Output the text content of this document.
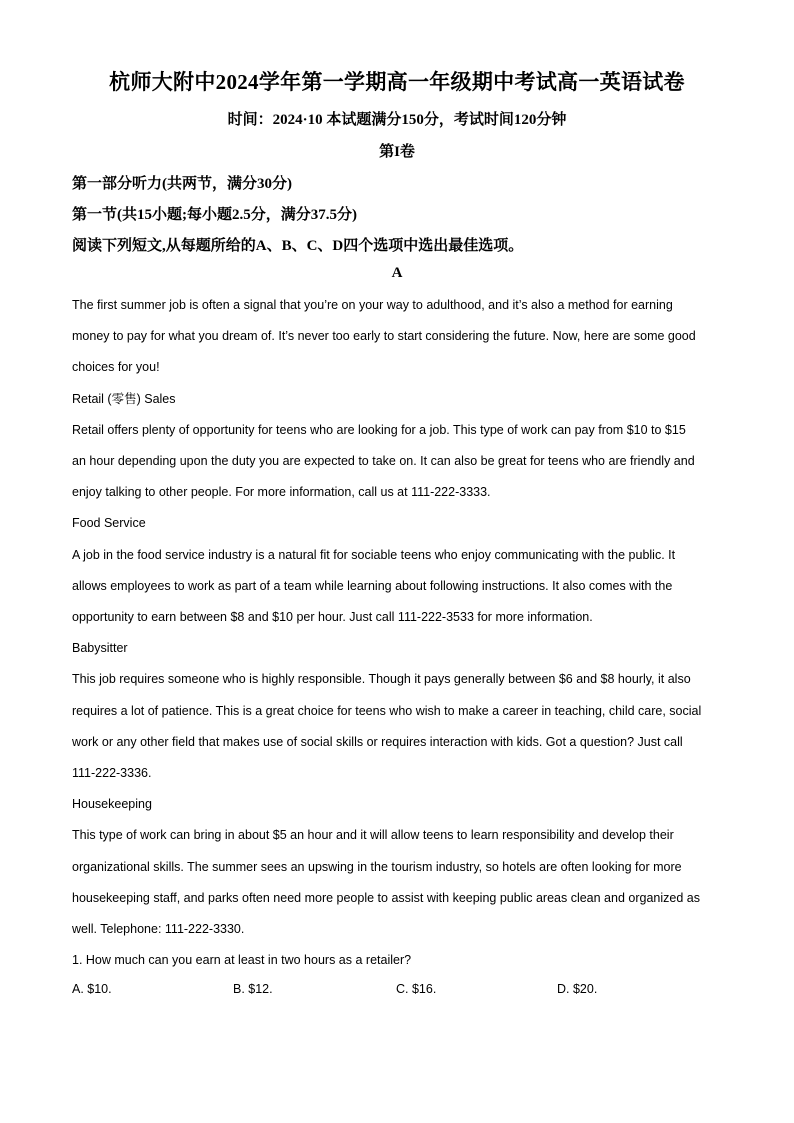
杭师大附中2024学年第一学期高一年级期中考试高一英语试卷
时间：2024·10 本试题满分150分，考试时间120分钟
第I卷
第一部分听力(共两节，满分30分)
第一节(共15小题;每小题2.5分，满分37.5分)
阅读下列短文,从每题所给的A、B、C、D四个选项中选出最佳选项。
A
The first summer job is often a signal that you’re on your way to adulthood, and it’s also a method for earning
money to pay for what you dream of. It’s never too early to start considering the future. Now, here are some good
choices for you!
Retail (零售) Sales
Retail offers plenty of opportunity for teens who are looking for a job. This type of work can pay from $10 to $15
an hour depending upon the duty you are expected to take on. It can also be great for teens who are friendly and
enjoy talking to other people. For more information, call us at 111-222-3333.
Food Service
A job in the food service industry is a natural fit for sociable teens who enjoy communicating with the public. It
allows employees to work as part of a team while learning about following instructions. It also comes with the
opportunity to earn between $8 and $10 per hour. Just call 111-222-3533 for more information.
Babysitter
This job requires someone who is highly responsible. Though it pays generally between $6 and $8 hourly, it also
requires a lot of patience. This is a great choice for teens who wish to make a career in teaching, child care, social
work or any other field that makes use of social skills or requires interaction with kids. Got a question? Just call
111-222-3336.
Housekeeping
This type of work can bring in about $5 an hour and it will allow teens to learn responsibility and develop their
organizational skills. The summer sees an upswing in the tourism industry, so hotels are often looking for more
housekeeping staff, and parks often need more people to assist with keeping public areas clean and organized as
well. Telephone: 111-222-3330.
1. How much can you earn at least in two hours as a retailer?
A. $10.	B. $12.	C. $16.	D. $20.
